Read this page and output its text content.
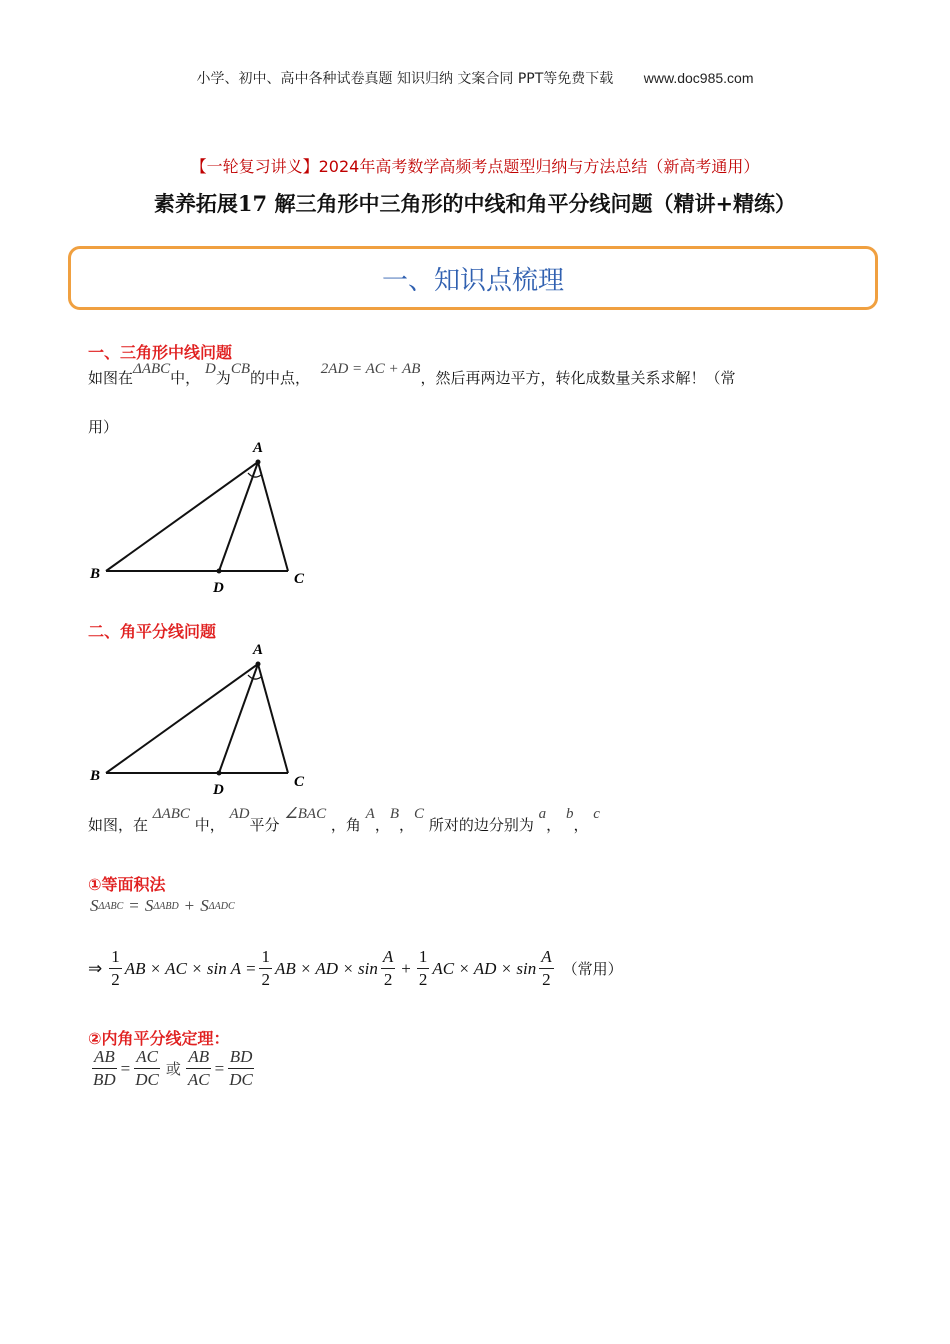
小学、初中、高中各种试卷真题 知识归纳 文案合同 PPT等免费下载 www.doc985.com
【一轮复习讲义】2024年高考数学高频考点题型归纳与方法总结（新高考通用）
素养拓展17 解三角形中三角形的中线和角平分线问题（精讲+精练）
一、知识点梳理
一、三角形中线问题
如图在ΔABC中， D为CB的中点， 2AD = AC + AB，然后再两边平方，转化成数量关系求解！（常
用）
A
B	C
D
二、角平分线问题
A
B	C
D
如图，在 ΔABC 中， AD平分 ∠BAC ，角 A，B，C 所对的边分别为 a， b， c
①等面积法
S ΔABC = S ΔABD + S ΔADC
⇒ $\frac{1}{2}$ AB × AC × $\sin A = \frac{1}{2}$ AB × AD × $\sin \frac{A}{2} + \frac{1}{2}$ AC × AD × $\sin \frac{A}{2}$ （常用）
②内角平分线定理：
$\frac{AB}{BD} = \frac{AC}{DC}$ 或 $\frac{AB}{AC} = \frac{BD}{DC}$
